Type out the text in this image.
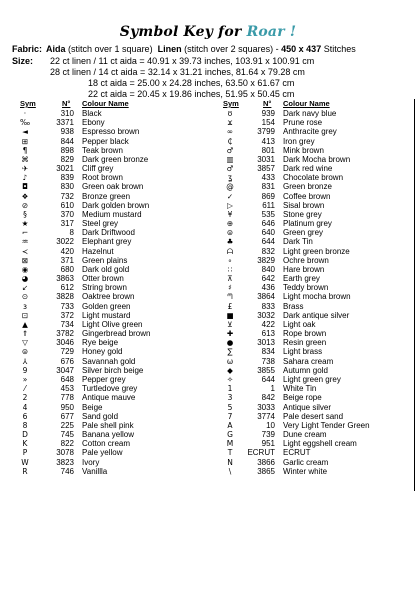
Symbol Key for Roar !
Fabric: Aida (stitch over 1 square) Linen (stitch over 2 squares) - 450 x 437 Stitches
Size: 22 ct linen / 11 ct aida = 40.91 x 39.73 inches, 103.91 x 100.91 cm
28 ct linen / 14 ct aida = 32.14 x 31.21 inches, 81.64 x 79.28 cm
18 ct aida = 25.00 x 24.28 inches, 63.50 x 61.67 cm
22 ct aida = 20.45 x 19.86 inches, 51.95 x 50.45 cm
Sym	N° Colour Name
·	310 Black
‰	3371 Ebony
◄	938 Espresso brown
⊞	844 Pepper black
¶	898 Teak brown
⌘	829 Dark green bronze
✈	3021 Cliff grey
♪	839 Root brown
◘	830 Green oak brown
❖	732 Bronze green
⊘	610 Dark golden brown
§	370 Medium mustard
★	317 Steel grey
⌐	8 Dark Driftwood
♒	3022 Elephant grey
≺	420 Hazelnut
⊠	371 Green plains
◉	680 Dark old gold
◕	3863 Otter brown
↙	612 String brown
⊙	3828 Oaktree brown
ɜ	733 Golden green
⊡	372 Light mustard
▲	734 Light Olive green
⇑	3782 Gingerbread brown
▽	3046 Rye beige
⊜	729 Honey gold
⅄	676 Savannah gold
9	3047 Silver birch beige
»	648 Pepper grey
⁄	453 Turtledove grey
2	778 Antique mauve
4	950 Beige
6	677 Sand gold
8	225 Pale shell pink
D	745 Banana yellow
K	822 Cotton cream
P	3078 Pale yellow
W	3823 Ivory
R	746 Vanillla
Sym	N° Colour Name
ʊ	939 Dark navy blue
ϫ	154 Prune rose
∞	3799 Anthracite grey
₵	413 Iron grey
♂	801 Mink brown
▥	3031 Dark Mocha brown
♂	3857 Dark red wine
ʓ	433 Chocolate brown
@	831 Green bronze
✓	869 Coffee brown
▷	611 Sisal brown
¥	535 Stone grey
⊕	646 Platinum grey
⊜	640 Green grey
♣	644 Dark Tin
ᗩ	832 Light green bronze
∘	3829 Ochre brown
∷	840 Hare brown
⊼	642 Earth grey
♯	436 Teddy brown
ᘉ	3864 Light mocha brown
£	833 Brass
■	3032 Dark antique silver
⊻	422 Light oak
✚	613 Rope brown
●	3013 Resin green
∑	834 Light brass
ω	738 Sahara cream
◆	3855 Autumn gold
✧	644 Light green grey
1	1 White Tin
3	842 Beige rope
5	3033 Antique silver
7	3774 Pale desert sand
A	10 Very Light Tender Green
G	739 Dune cream
M	951 Light eggshell cream
T	ECRUT ECRUT
N	3866 Garlic cream
\	3865 Winter white
